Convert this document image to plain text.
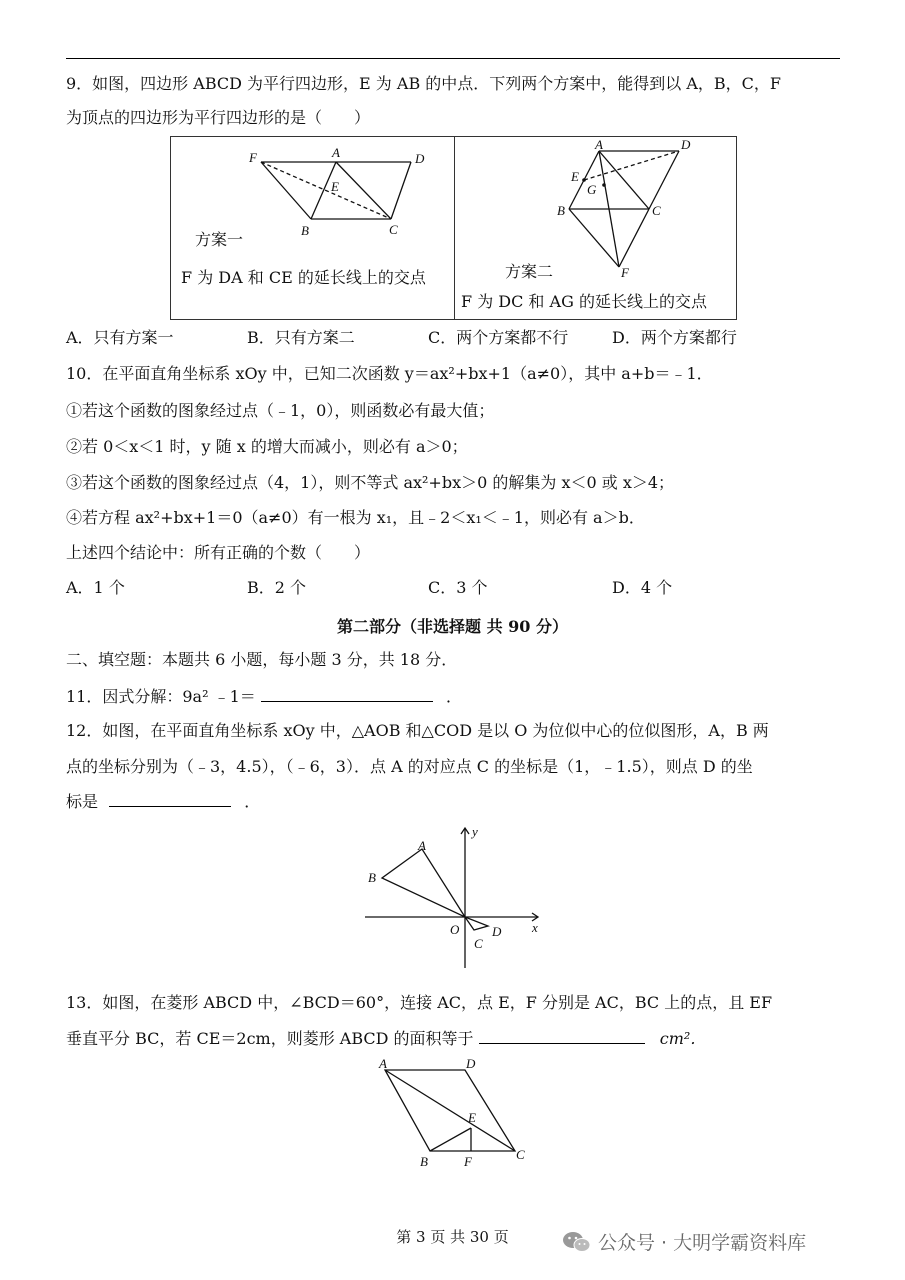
9．如图，四边形 ABCD 为平行四边形，E 为 AB 的中点．下列两个方案中，能得到以 A，B，C，F
为顶点的四边形为平行四边形的是（　　）
F	A	D
E
B	C
方案一
F 为 DA 和 CE 的延长线上的交点
A	D
E
G
B	C
F
方案二
F 为 DC 和 AG 的延长线上的交点
A．只有方案一	B．只有方案二	C．两个方案都不行	D．两个方案都行
10．在平面直角坐标系 xOy 中，已知二次函数 y＝ax²+bx+1（a≠0），其中 a+b＝﹣1．
①若这个函数的图象经过点（﹣1，0），则函数必有最大值；
②若 0＜x＜1 时，y 随 x 的增大而减小，则必有 a＞0；
③若这个函数的图象经过点（4，1），则不等式 ax²+bx＞0 的解集为 x＜0 或 x＞4；
④若方程 ax²+bx+1＝0（a≠0）有一根为 x₁，且﹣2＜x₁＜﹣1，则必有 a＞b．
上述四个结论中：所有正确的个数（　　）
A．1 个	B．2 个	C．3 个	D．4 个
第二部分（非选择题 共 90 分）
二、填空题：本题共 6 小题，每小题 3 分，共 18 分．
11．因式分解：9a² ﹣1＝	．
12．如图，在平面直角坐标系 xOy 中，△AOB 和△COD 是以 O 为位似中心的位似图形，A，B 两
点的坐标分别为（﹣3，4.5），（﹣6，3）．点 A 的对应点 C 的坐标是（1，﹣1.5），则点 D 的坐
标是	．
y
x
A
B
O
C
D
13．如图，在菱形 ABCD 中，∠BCD＝60°，连接 AC，点 E，F 分别是 AC，BC 上的点，且 EF
垂直平分 BC，若 CE＝2cm，则菱形 ABCD 的面积等于	cm²．
A	D
E
B	F	C
第 3 页 共 30 页	公众号 · 大明学霸资料库
